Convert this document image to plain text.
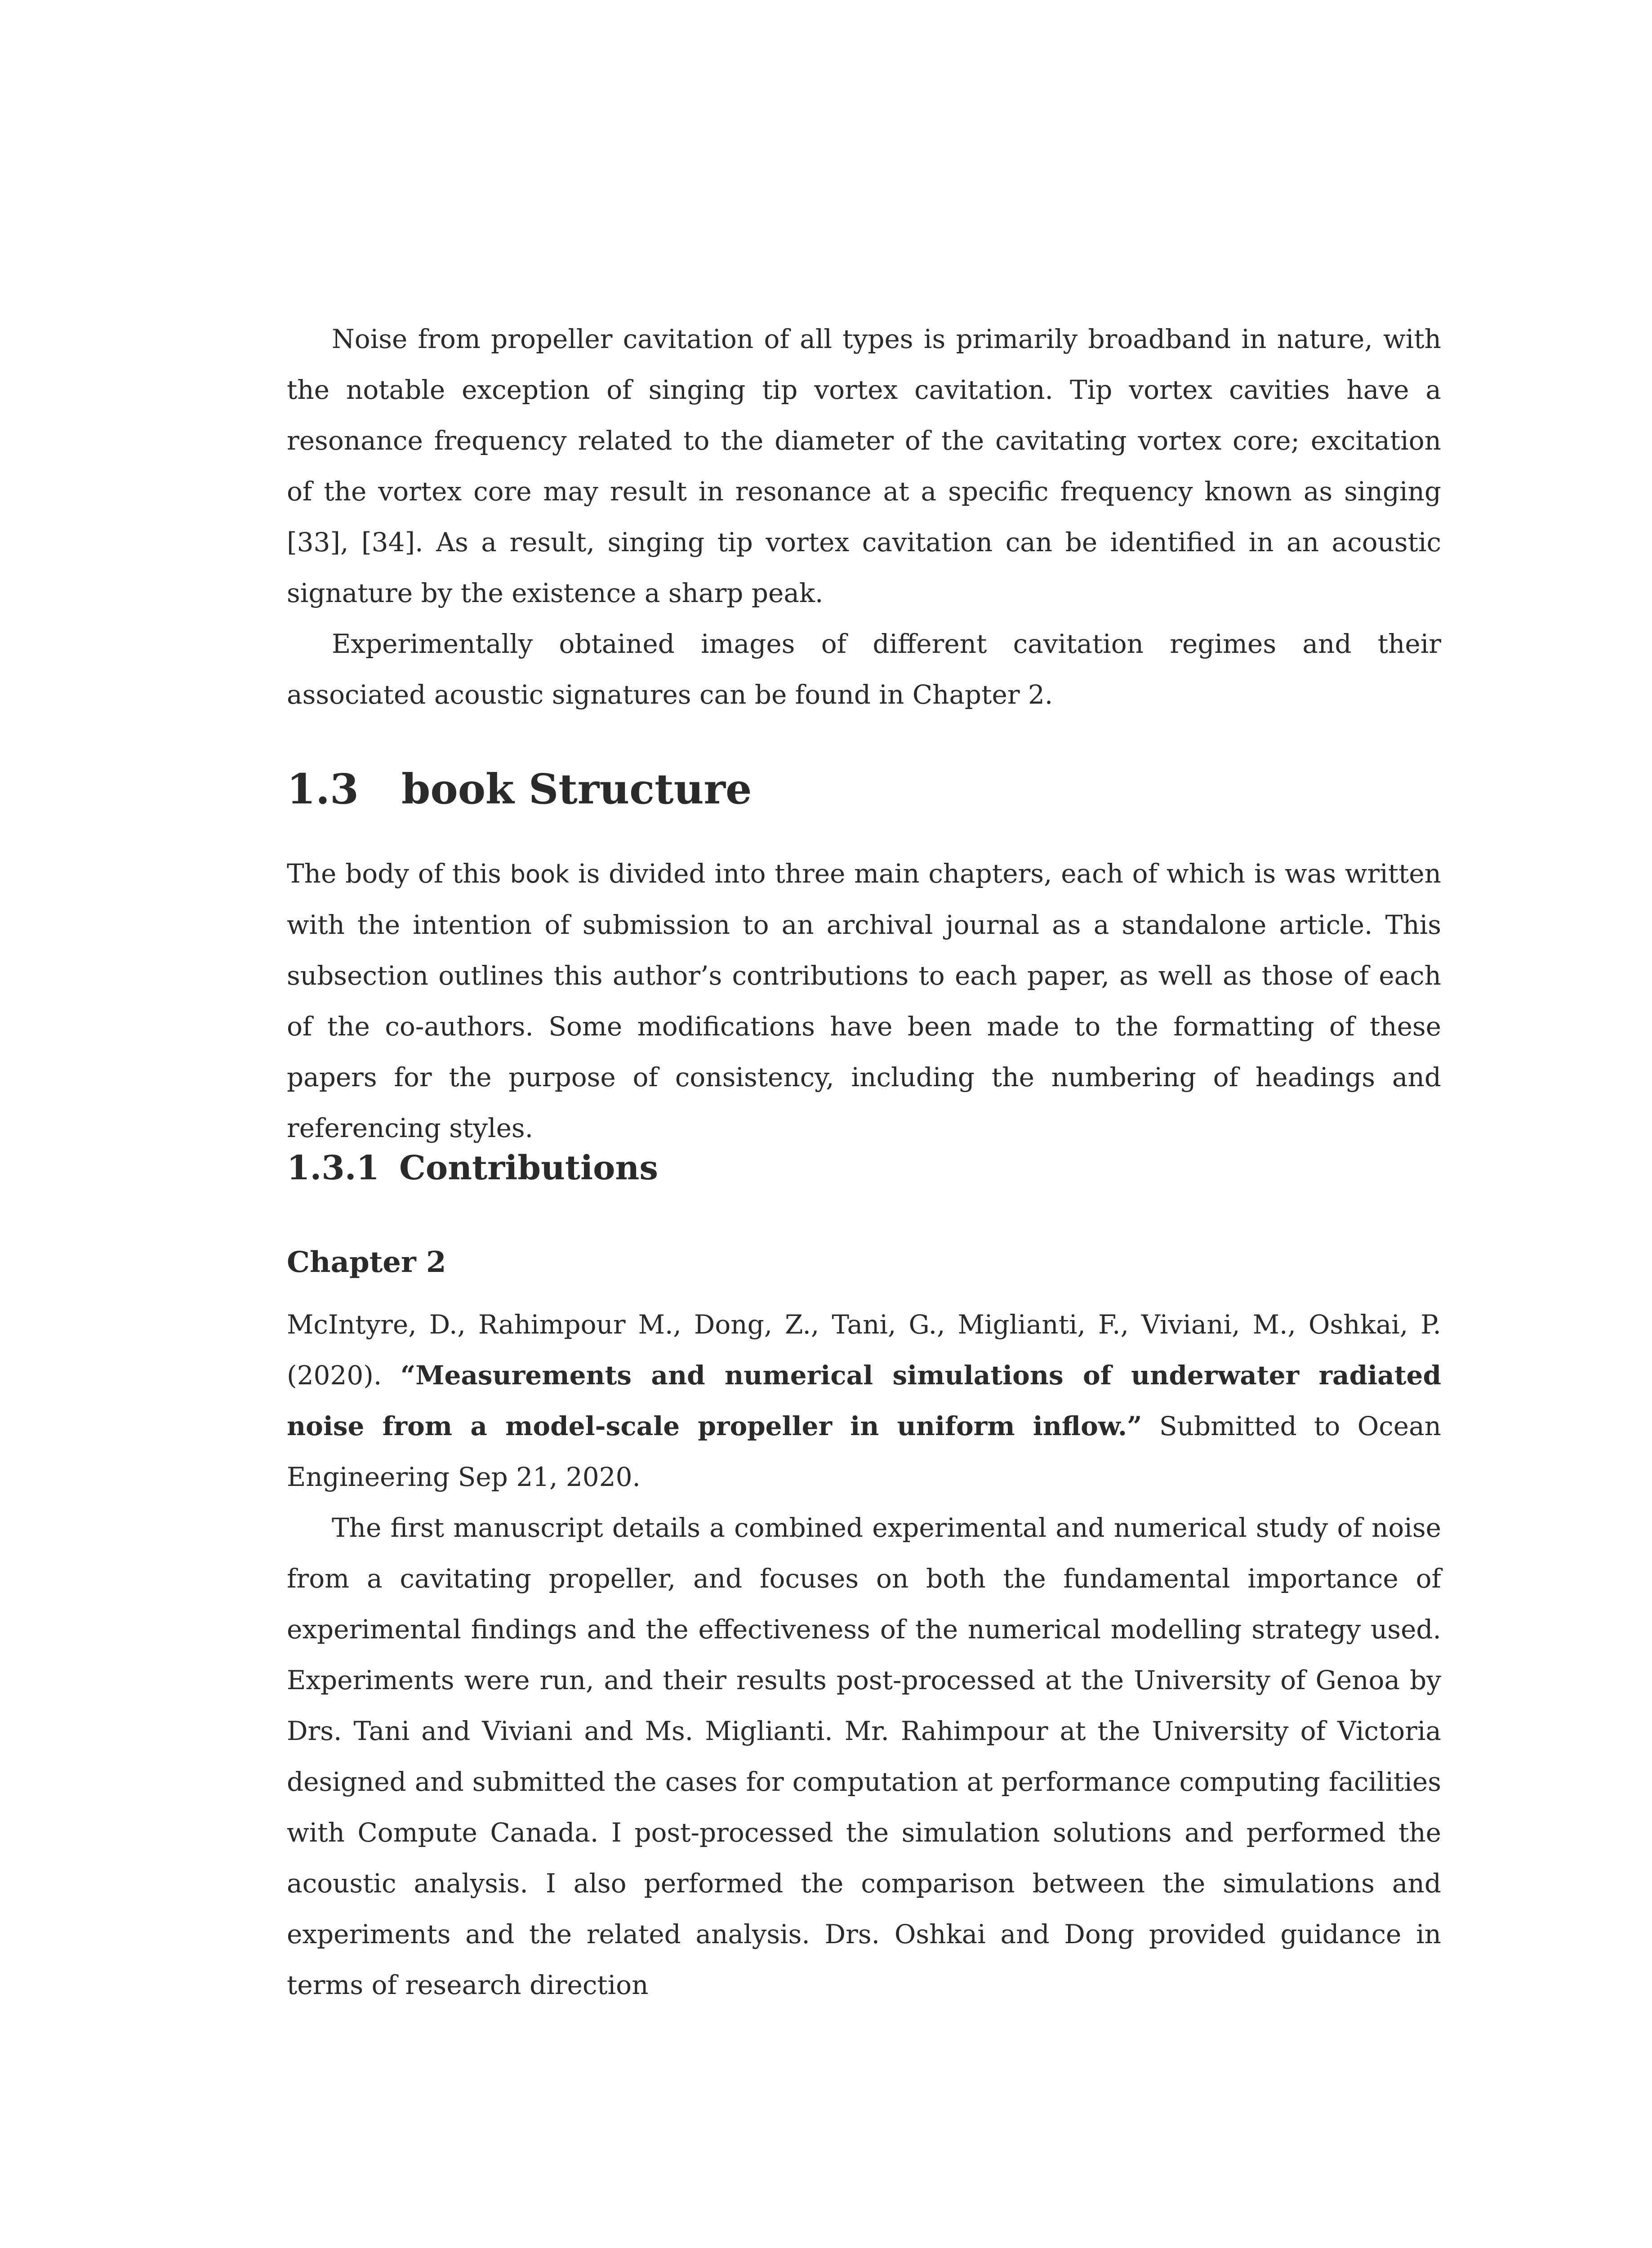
Noise from propeller cavitation of all types is primarily broadband in nature, with the notable exception of singing tip vortex cavitation. Tip vortex cavities have a resonance frequency related to the diameter of the cavitating vortex core; excitation of the vortex core may result in resonance at a specific frequency known as singing [33], [34]. As a result, singing tip vortex cavitation can be identified in an acoustic signature by the existence a sharp peak.

Experimentally obtained images of different cavitation regimes and their associated acoustic signatures can be found in Chapter 2.

1.3 book Structure

The body of this book is divided into three main chapters, each of which is was written with the intention of submission to an archival journal as a standalone article. This subsection outlines this author’s contributions to each paper, as well as those of each of the co-authors. Some modifications have been made to the formatting of these papers for the purpose of consistency, including the numbering of headings and referencing styles.

1.3.1 Contributions
Chapter 2

McIntyre, D., Rahimpour M., Dong, Z., Tani, G., Miglianti, F., Viviani, M., Oshkai, P. (2020). “Measurements and numerical simulations of underwater radiated noise from a model-scale propeller in uniform inflow.” Submitted to Ocean Engineering Sep 21, 2020.

The first manuscript details a combined experimental and numerical study of noise from a cavitating propeller, and focuses on both the fundamental importance of experimental findings and the effectiveness of the numerical modelling strategy used. Experiments were run, and their results post-processed at the University of Genoa by Drs. Tani and Viviani and Ms. Miglianti. Mr. Rahimpour at the University of Victoria designed and submitted the cases for computation at performance computing facilities with Compute Canada. I post-processed the simulation solutions and performed the acoustic analysis. I also performed the comparison between the simulations and experiments and the related analysis. Drs. Oshkai and Dong provided guidance in terms of research direction
